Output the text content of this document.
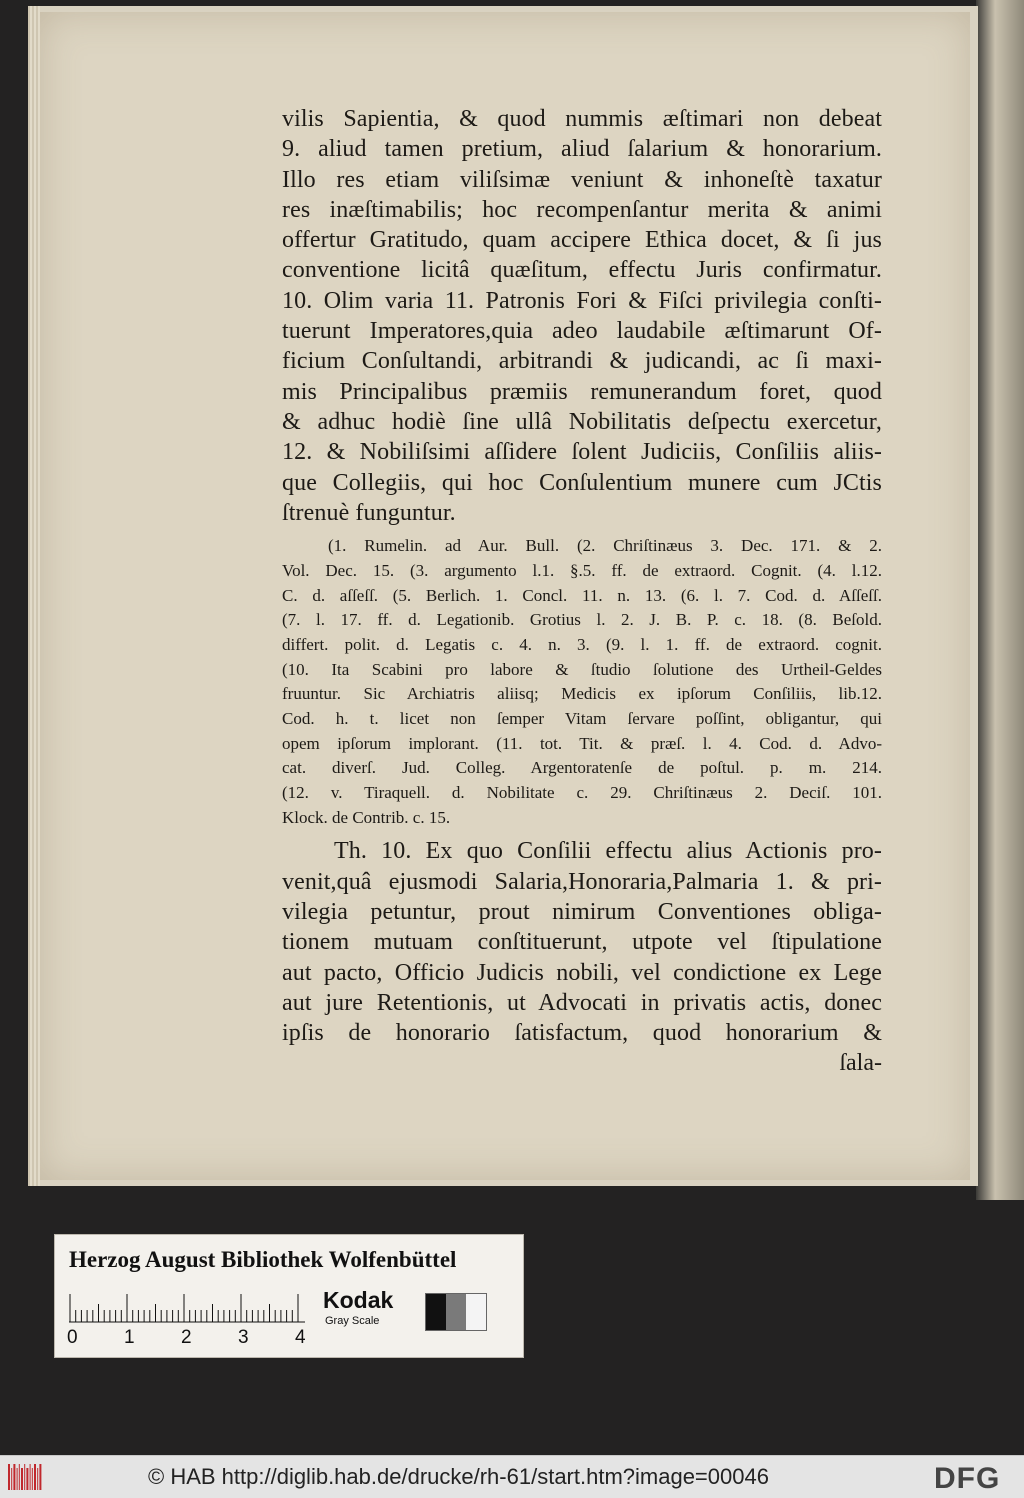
vilis Sapientia, & quod nummis æſtimari non debeat
9. aliud tamen pretium, aliud ſalarium & honorarium.
Illo res etiam viliſsimæ veniunt & inhoneſtè taxatur
res inæſtimabilis; hoc recompenſantur merita & animi
offertur Gratitudo, quam accipere Ethica docet, & ſi jus
conventione licitâ quæſitum, effectu Juris confirmatur.
10. Olim varia 11. Patronis Fori & Fiſci privilegia conſti-
tuerunt Imperatores,quia adeo laudabile æſtimarunt Of-
ficium Conſultandi, arbitrandi & judicandi, ac ſi maxi-
mis Principalibus præmiis remunerandum foret, quod
& adhuc hodiè ſine ullâ Nobilitatis deſpectu exercetur,
12. & Nobiliſsimi aſſidere ſolent Judiciis, Conſiliis aliis-
que Collegiis, qui hoc Conſulentium munere cum JCtis
ſtrenuè funguntur.
(1. Rumelin. ad Aur. Bull. (2. Chriſtinæus 3. Dec. 171. & 2.
Vol. Dec. 15. (3. argumento l.1. §.5. ff. de extraord. Cognit. (4. l.12.
C. d. aſſeſſ. (5. Berlich. 1. Concl. 11. n. 13. (6. l. 7. Cod. d. Aſſeſſ.
(7. l. 17. ff. d. Legationib. Grotius l. 2. J. B. P. c. 18. (8. Beſold.
differt. polit. d. Legatis c. 4. n. 3. (9. l. 1. ff. de extraord. cognit.
(10. Ita Scabini pro labore & ſtudio ſolutione des Urtheil-Geldes
fruuntur. Sic Archiatris aliisq; Medicis ex ipſorum Conſiliis, lib.12.
Cod. h. t. licet non ſemper Vitam ſervare poſſint, obligantur, qui
opem ipſorum implorant. (11. tot. Tit. & præſ. l. 4. Cod. d. Advo-
cat. diverſ. Jud. Colleg. Argentoratenſe de poſtul. p. m. 214.
(12. v. Tiraquell. d. Nobilitate c. 29. Chriſtinæus 2. Deciſ. 101.
Klock. de Contrib. c. 15.
Th. 10. Ex quo Conſilii effectu alius Actionis pro-
venit,quâ ejusmodi Salaria,Honoraria,Palmaria 1. & pri-
vilegia petuntur, prout nimirum Conventiones obliga-
tionem mutuam conſtituerunt, utpote vel ſtipulatione
aut pacto, Officio Judicis nobili, vel condictione ex Lege
aut jure Retentionis, ut Advocati in privatis actis, donec
ipſis de honorario ſatisfactum, quod honorarium &
ſala-
Herzog August Bibliothek Wolfenbüttel
0 1 2 3 4
Kodak
Gray Scale
© HAB http://diglib.hab.de/drucke/rh-61/start.htm?image=00046	DFG
